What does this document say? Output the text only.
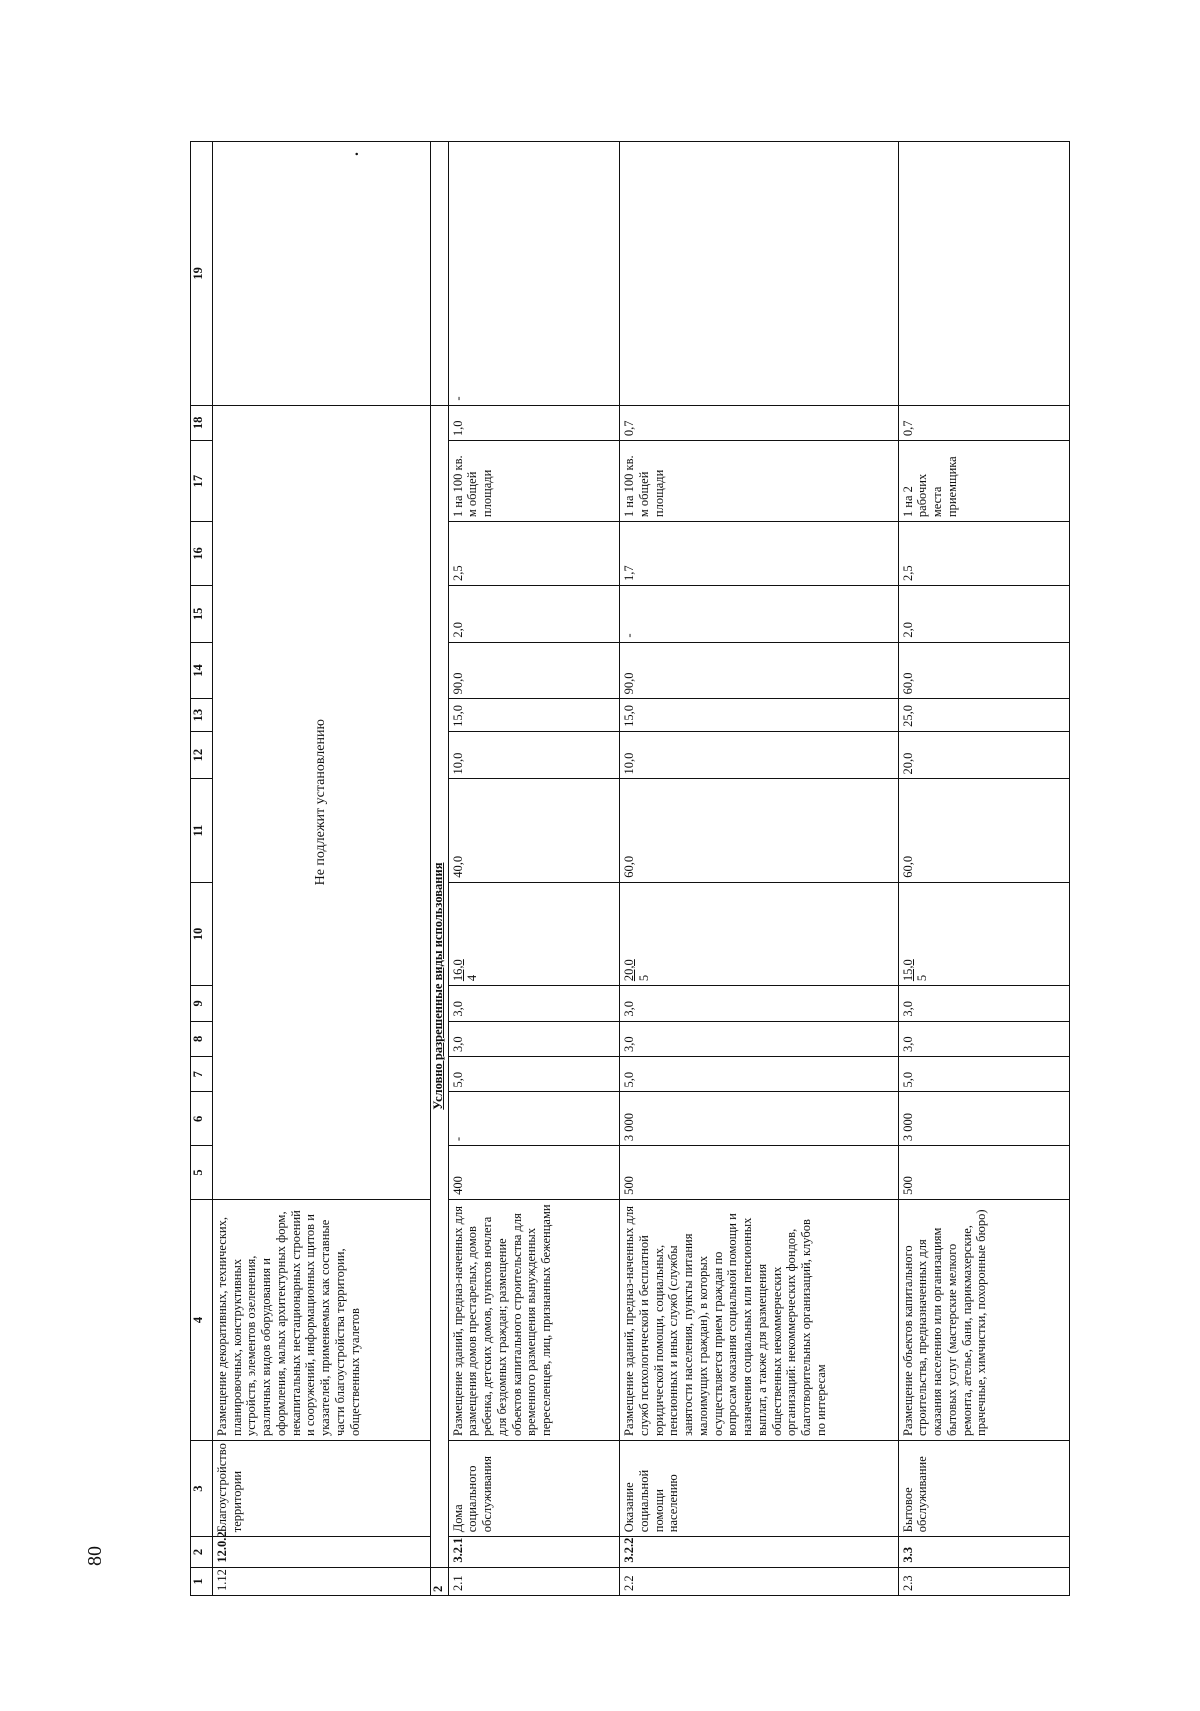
80
1	2	3	4	5	6	7	8	9	10	11	12	13	14	15	16	17	18	19
1.12	12.0.2	Благоустройство территории	Размещение декоративных, технических, планировочных, конструктивных устройств, элементов озеленения, различных видов оборудования и оформления, малых архитектурных форм, некапитальных нестационарных строений и сооружений, информационных щитов и указателей, применяемых как составные части благоустройства территории, общественных туалетов	Не подлежит установлению														.

2	Условно разрешенные виды использования																	
2.1	3.2.1	Дома социального обслуживания	Размещение зданий, предназ-наченных для размещения домов престарелых, домов ребенка, детских домов, пунктов ночлега для бездомных граждан; размещение объектов капитального строительства для временного размещения вынужденных переселенцев, лиц, признанных беженцами	400	-	5,0	3,0	3,0	16,0 4	40,0	10,0	15,0	90,0	2,0	2,5	1 на 100 кв. м общей площади	1,0	-
2.2	3.2.2	Оказание социальной помощи населению	Размещение зданий, предназ-наченных для служб психологической и бесплатной юридической помощи, социальных, пенсионных и иных служб (службы занятости населения, пункты питания малоимущих граждан), в которых осуществляется прием граждан по вопросам оказания социальной помощи и назначения социальных или пенсионных выплат, а также для размещения общественных некоммерческих организаций: некоммерческих фондов, благотворительных организаций, клубов по интересам	500	3 000	5,0	3,0	3,0	20,0 5	60,0	10,0	15,0	90,0	-	1,7	1 на 100 кв. м общей площади	0,7	
2.3	3.3	Бытовое обслуживание	Размещение объектов капитального строительства, предназначенных для оказания населению или организациям бытовых услуг (мастерские мелкого ремонта, ателье, бани, парикмахерские, прачечные, химчистки, похоронные бюро)	500	3 000	5,0	3,0	3,0	15,0 5	60,0	20,0	25,0	60,0	2,0	2,5	1 на 2 рабочих места приемщика	0,7	
